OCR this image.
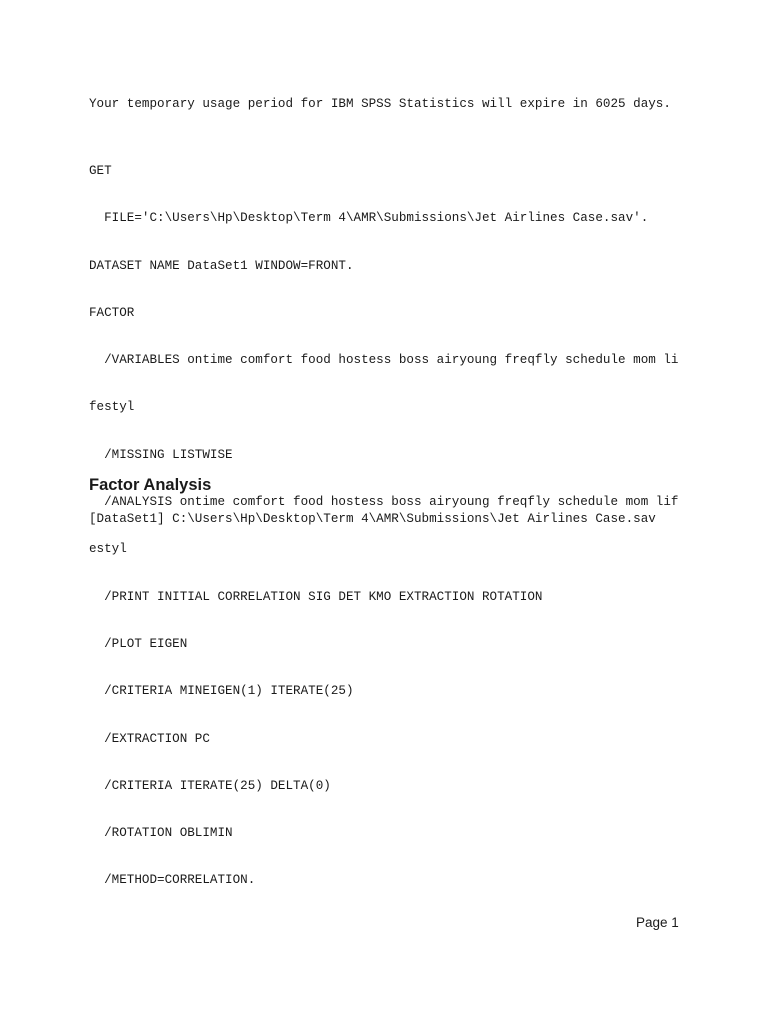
Your temporary usage period for IBM SPSS Statistics will expire in 6025 days.

GET

FILE='C:\Users\Hp\Desktop\Term 4\AMR\Submissions\Jet Airlines Case.sav'.

DATASET NAME DataSet1 WINDOW=FRONT.

FACTOR

/VARIABLES ontime comfort food hostess boss airyoung freqfly schedule mom li

festyl

/MISSING LISTWISE

/ANALYSIS ontime comfort food hostess boss airyoung freqfly schedule mom lif

estyl

/PRINT INITIAL CORRELATION SIG DET KMO EXTRACTION ROTATION

/PLOT EIGEN

/CRITERIA MINEIGEN(1) ITERATE(25)

/EXTRACTION PC

/CRITERIA ITERATE(25) DELTA(0)

/ROTATION OBLIMIN

/METHOD=CORRELATION.

Factor Analysis
[DataSet1] C:\Users\Hp\Desktop\Term 4\AMR\Submissions\Jet Airlines Case.sav
Page 1
